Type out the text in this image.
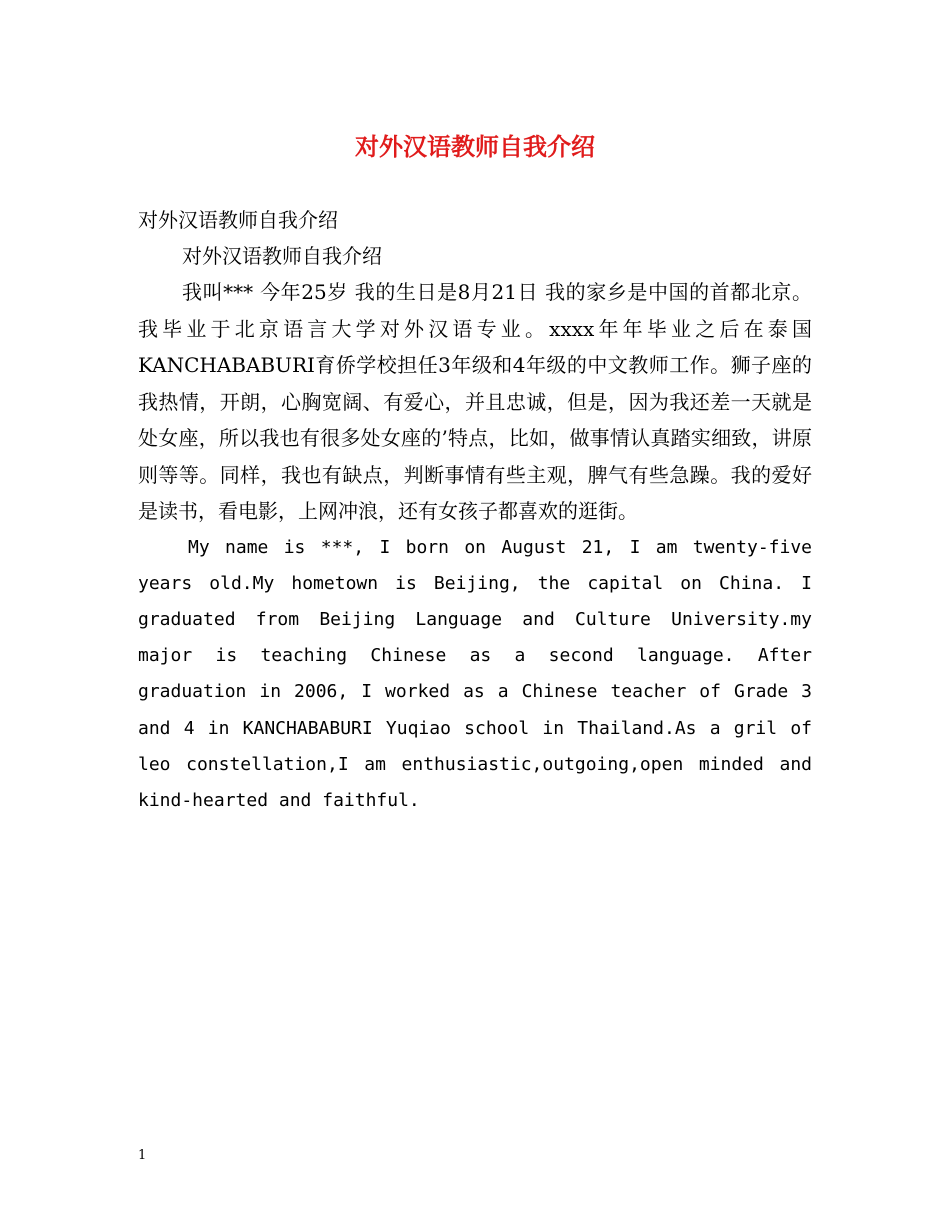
对外汉语教师自我介绍
对外汉语教师自我介绍
对外汉语教师自我介绍

我叫*** 今年25岁 我的生日是8月21日 我的家乡是中国的首都北京。我毕业于北京语言大学对外汉语专业。xxxx年年毕业之后在泰国KANCHABABURI育侨学校担任3年级和4年级的中文教师工作。狮子座的我热情，开朗，心胸宽阔、有爱心，并且忠诚，但是，因为我还差一天就是处女座，所以我也有很多处女座的’特点，比如，做事情认真踏实细致，讲原则等等。同样，我也有缺点，判断事情有些主观，脾气有些急躁。我的爱好是读书，看电影，上网冲浪，还有女孩子都喜欢的逛街。

My name is ***, I born on August 21, I am twenty-five years old.My hometown is Beijing, the capital on China. I graduated from Beijing Language and Culture University.my major is teaching Chinese as a second language. After graduation in 2006, I worked as a Chinese teacher of Grade 3 and 4 in KANCHABABURI Yuqiao school in Thailand.As a gril of leo constellation,I am enthusiastic,outgoing,open minded and kind-hearted and faithful.

1
